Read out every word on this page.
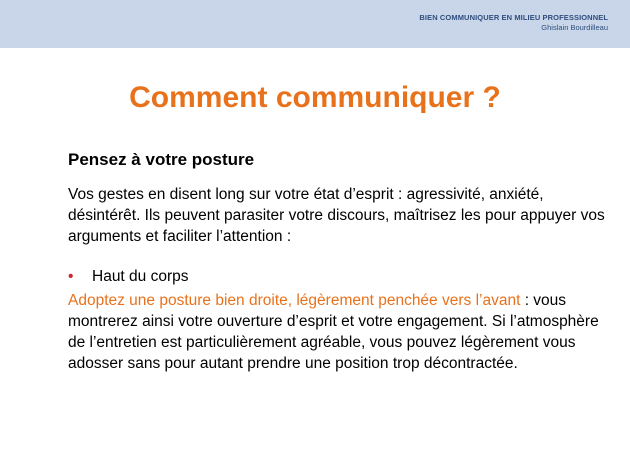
BIEN COMMUNIQUER EN MILIEU PROFESSIONNEL
Ghislain Bourdilleau
Comment communiquer ?
Pensez à votre posture

Vos gestes en disent long sur votre état d’esprit : agressivité, anxiété, désintérêt. Ils peuvent parasiter votre discours, maîtrisez les pour appuyer vos arguments et faciliter l’attention :

• Haut du corps

Adoptez une posture bien droite, légèrement penchée vers l’avant : vous montrerez ainsi votre ouverture d’esprit et votre engagement. Si l’atmosphère de l’entretien est particulièrement agréable, vous pouvez légèrement vous adosser sans pour autant prendre une position trop décontractée.
